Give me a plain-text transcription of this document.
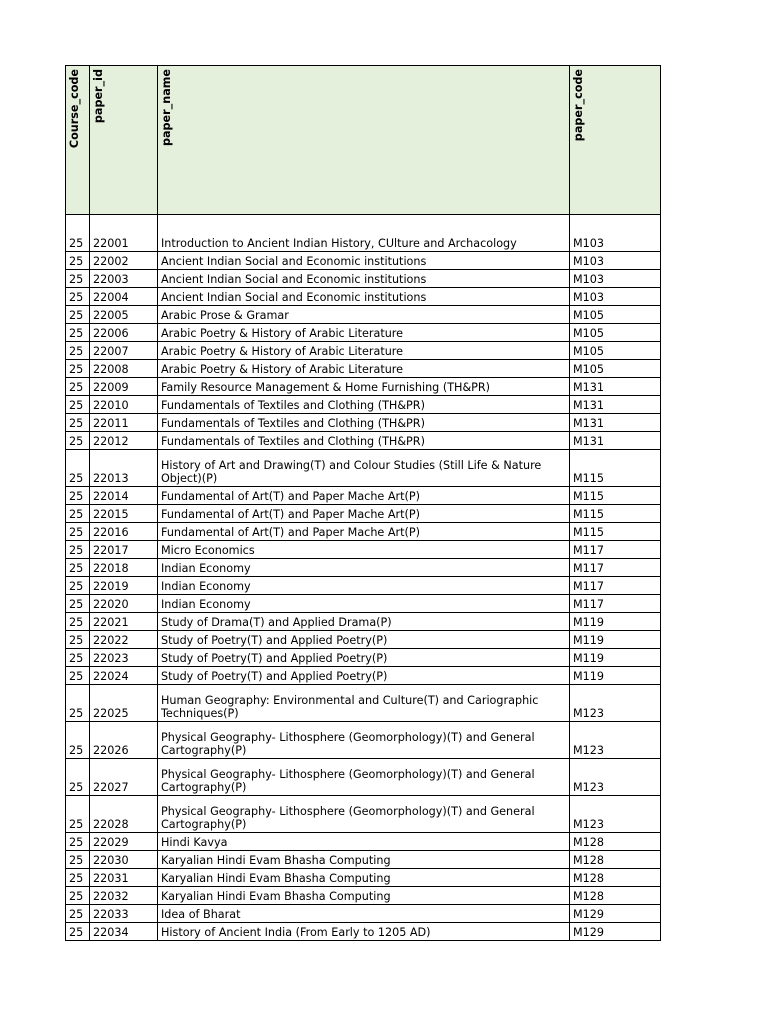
Course_code	paper_id	paper_name	paper_code
25	22001	Introduction to Ancient Indian History, CUlture and Archacology	M103
25	22002	Ancient Indian Social and Economic institutions	M103
25	22003	Ancient Indian Social and Economic institutions	M103
25	22004	Ancient Indian Social and Economic institutions	M103
25	22005	Arabic Prose & Gramar	M105
25	22006	Arabic Poetry & History of Arabic Literature	M105
25	22007	Arabic Poetry & History of Arabic Literature	M105
25	22008	Arabic Poetry & History of Arabic Literature	M105
25	22009	Family Resource Management & Home Furnishing (TH&PR)	M131
25	22010	Fundamentals of Textiles and Clothing (TH&PR)	M131
25	22011	Fundamentals of Textiles and Clothing (TH&PR)	M131
25	22012	Fundamentals of Textiles and Clothing (TH&PR)	M131
25	22013	History of Art and Drawing(T) and Colour Studies (Still Life & Nature Object)(P)	M115
25	22014	Fundamental of Art(T) and Paper Mache Art(P)	M115
25	22015	Fundamental of Art(T) and Paper Mache Art(P)	M115
25	22016	Fundamental of Art(T) and Paper Mache Art(P)	M115
25	22017	Micro Economics	M117
25	22018	Indian Economy	M117
25	22019	Indian Economy	M117
25	22020	Indian Economy	M117
25	22021	Study of Drama(T) and Applied Drama(P)	M119
25	22022	Study of Poetry(T) and Applied Poetry(P)	M119
25	22023	Study of Poetry(T) and Applied Poetry(P)	M119
25	22024	Study of Poetry(T) and Applied Poetry(P)	M119
25	22025	Human Geography: Environmental and Culture(T) and Cariographic Techniques(P)	M123
25	22026	Physical Geography- Lithosphere (Geomorphology)(T) and General Cartography(P)	M123
25	22027	Physical Geography- Lithosphere (Geomorphology)(T) and General Cartography(P)	M123
25	22028	Physical Geography- Lithosphere (Geomorphology)(T) and General Cartography(P)	M123
25	22029	Hindi Kavya	M128
25	22030	Karyalian Hindi Evam Bhasha Computing	M128
25	22031	Karyalian Hindi Evam Bhasha Computing	M128
25	22032	Karyalian Hindi Evam Bhasha Computing	M128
25	22033	Idea of Bharat	M129
25	22034	History of Ancient India (From Early to 1205 AD)	M129
